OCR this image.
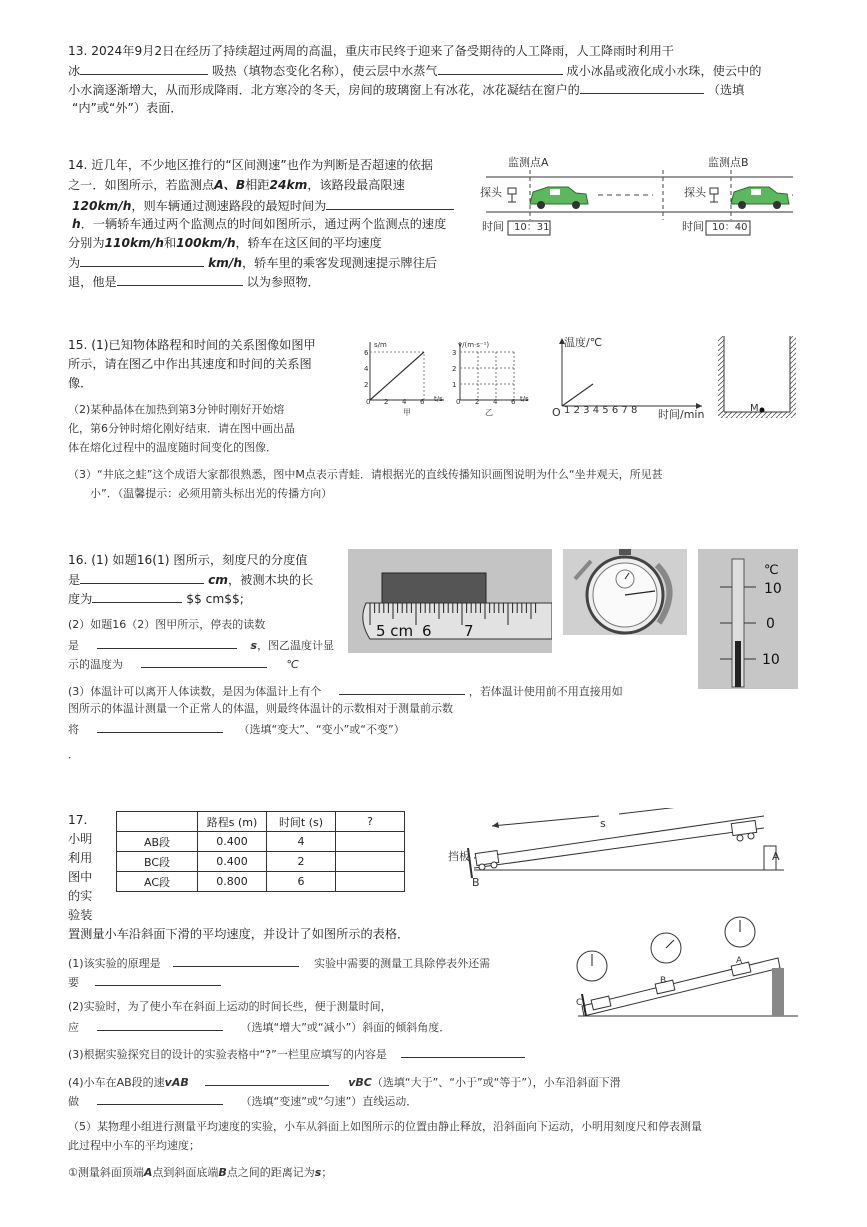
13. 2024年9月2日在经历了持续超过两周的高温，重庆市民终于迎来了备受期待的人工降雨，人工降雨时利用干
冰	吸热（填物态变化名称），使云层中水蒸气	成小冰晶或液化成小水珠，使云中的
小水滴逐渐增大，从而形成降雨．北方寒冷的冬天，房间的玻璃窗上有冰花，冰花凝结在窗户的	（选填
“内”或“外”）表面．
14. 近几年，不少地区推行的“区间测速”也作为判断是否超速的依据
之一．如图所示，若监测点A、B相距24km，该路段最高限速
120km/h，则车辆通过测速路段的最短时间为
h．一辆轿车通过两个监测点的时间如图所示，通过两个监测点的速度
分别为110km/h和100km/h，轿车在这区间的平均速度
为	km/h，轿车里的乘客发现测速提示牌往后
退，他是	以为参照物．
监测点A	监测点B
探头	探头
时间	时间
10：31	10：40
15. (1)已知物体路程和时间的关系图像如图甲
所示，请在图乙中作出其速度和时间的关系图
像．
（2)某种晶体在加热到第3分钟时刚好开始熔
化，第6分钟时熔化刚好结束．请在图中画出晶
体在熔化过程中的温度随时间变化的图像．
（3）“井底之蛙”这个成语大家都很熟悉，图中M点表示青蛙．请根据光的直线传播知识画图说明为什么“坐井观天，所见甚
小”．（温馨提示：必须用箭头标出光的传播方向）
s/m
t/s
甲
6
4
2
0 2 4 6
v/(m·s⁻¹)
t/s
乙
3
2
1
0 2 4 6
温度/℃
O	时间/min
12345678	M
16. (1) 如题16(1) 图所示，刻度尺的分度值
是	cm，被测木块的长
度为	$$ cm$$;
(2）如题16（2）图甲所示，停表的读数
是	s，图乙温度计显
示的温度为	℃
(3）体温计可以离开人体读数，是因为体温计上有个	，若体温计使用前不用直接用如
图所示的体温计测量一个正常人的体温，则最终体温计的示数相对于测量前示数
将	（选填“变大”、“变小”或“不变”）
．
5 cm 6 7
℃
10
0
10
17.
小明
利用
图中
的实
验装
置测量小车沿斜面下滑的平均速度，并设计了如图所示的表格．
	路程s (m)	时间t (s)	?
AB段	0.400	4	
BC段	0.400	2	
AC段	0.800	6	
s
挡板	A
B
C
B
A
(1)该实验的原理是	实验中需要的测量工具除停表外还需
要
(2)实验时，为了使小车在斜面上运动的时间长些，便于测量时间，
应	（选填“增大”或“减小”）斜面的倾斜角度．
(3)根据实验探究目的设计的实验表格中“?”一栏里应填写的内容是
(4)小车在AB段的速vAB	vBC（选填“大于”、“小于”或“等于”），小车沿斜面下滑
做	（选填“变速”或“匀速”）直线运动．
（5）某物理小组进行测量平均速度的实验，小车从斜面上如图所示的位置由静止释放，沿斜面向下运动，小明用刻度尺和停表测量
此过程中小车的平均速度；
①测量斜面顶端A点到斜面底端B点之间的距离记为s；
